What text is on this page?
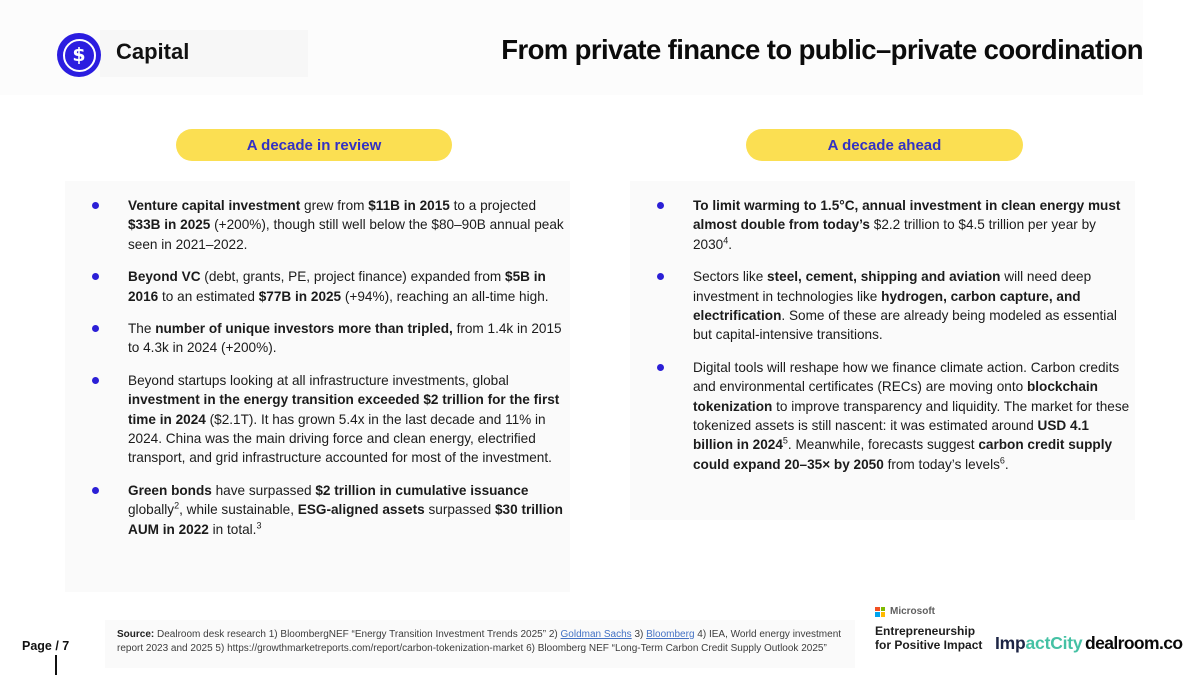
$	Capital	From private finance to public–private coordination
A decade in review	A decade ahead
Venture capital investment grew from $11B in 2015 to a projected $33B in 2025 (+200%), though still well below the $80–90B annual peak seen in 2021–2022.
Beyond VC (debt, grants, PE, project finance) expanded from $5B in 2016 to an estimated $77B in 2025 (+94%), reaching an all-time high.
The number of unique investors more than tripled, from 1.4k in 2015 to 4.3k in 2024 (+200%).
Beyond startups looking at all infrastructure investments, global investment in the energy transition exceeded $2 trillion for the first time in 2024 ($2.1T). It has grown 5.4x in the last decade and 11% in 2024. China was the main driving force and clean energy, electrified transport, and grid infrastructure accounted for most of the investment.
Green bonds have surpassed $2 trillion in cumulative issuance globally$^2$, while sustainable, ESG-aligned assets surpassed $30 trillion AUM in 2022 in total.$^3$
To limit warming to 1.5°C, annual investment in clean energy must almost double from today’s $2.2 trillion to $4.5 trillion per year by 2030$^4$.
Sectors like steel, cement, shipping and aviation will need deep investment in technologies like hydrogen, carbon capture, and electrification. Some of these are already being modeled as essential but capital-intensive transitions.
Digital tools will reshape how we finance climate action. Carbon credits and environmental certificates (RECs) are moving onto blockchain tokenization to improve transparency and liquidity. The market for these tokenized assets is still nascent: it was estimated around USD 4.1 billion in 2024$^5$. Meanwhile, forecasts suggest carbon credit supply could expand 20–35× by 2050 from today’s levels$^6$.
Page / 7
Source: Dealroom desk research 1) BloombergNEF “Energy Transition Investment Trends 2025” 2) Goldman Sachs 3) Bloomberg 4) IEA, World energy investment report 2023 and 2025 5) https://growthmarketreports.com/report/carbon-tokenization-market 6) Bloomberg NEF “Long-Term Carbon Credit Supply Outlook 2025”
Microsoft
Entrepreneurship
for Positive Impact ImpactCity dealroom.co
